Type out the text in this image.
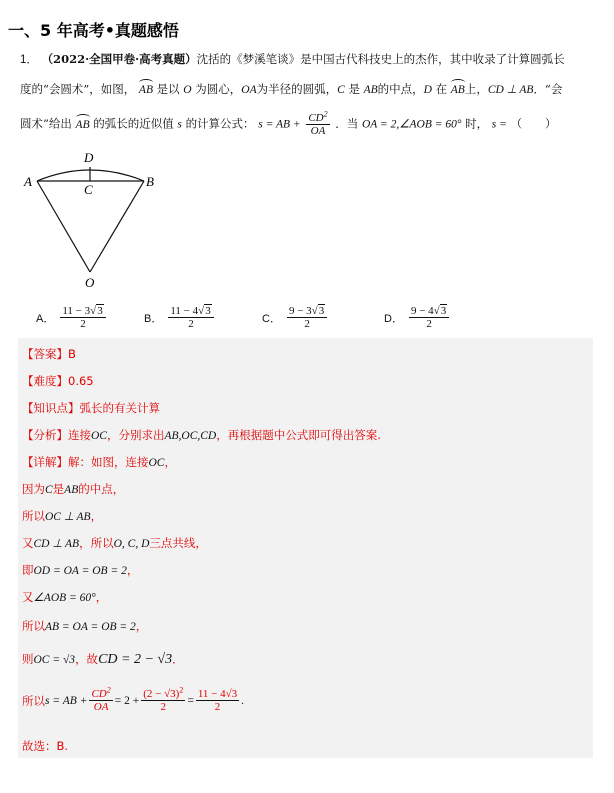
一、5 年高考•真题感悟
1． （2022·全国甲卷·高考真题）沈括的《梦溪笔谈》是中国古代科技史上的杰作，其中收录了计算圆弧长
度的“会圆术”，如图， AB 是以 O 为圆心，OA为半径的圆弧，C 是 AB的中点，D 在 AB上，CD ⊥ AB．“会
圆术”给出 AB 的弧长的近似值 s 的计算公式： s = AB + $\frac{CD^2}{OA}$ ．当 OA = 2,∠AOB = 60° 时， s = （　　）
D
A
C
B
O
A． $\frac{11 - 3√3}{2}$	B． $\frac{11 - 4√3}{2}$	C． $\frac{9 - 3√3}{2}$	D． $\frac{9 - 4√3}{2}$
【答案】B
【难度】0.65
【知识点】弧长的有关计算
【分析】连接OC，分别求出AB,OC,CD，再根据题中公式即可得出答案.
【详解】解：如图，连接OC，
因为C是AB的中点，
所以OC ⊥ AB，
又CD ⊥ AB，所以O, C, D三点共线，
即OD = OA = OB = 2，
又∠AOB = 60°，
所以AB = OA = OB = 2，
则OC = √3，故CD = 2 − √3．
所以 s = AB + $\frac{CD^2}{OA} = 2 + \frac{(2 - √3)^2}{2} = \frac{11 - 4√3}{2}$ .
故选：B.
